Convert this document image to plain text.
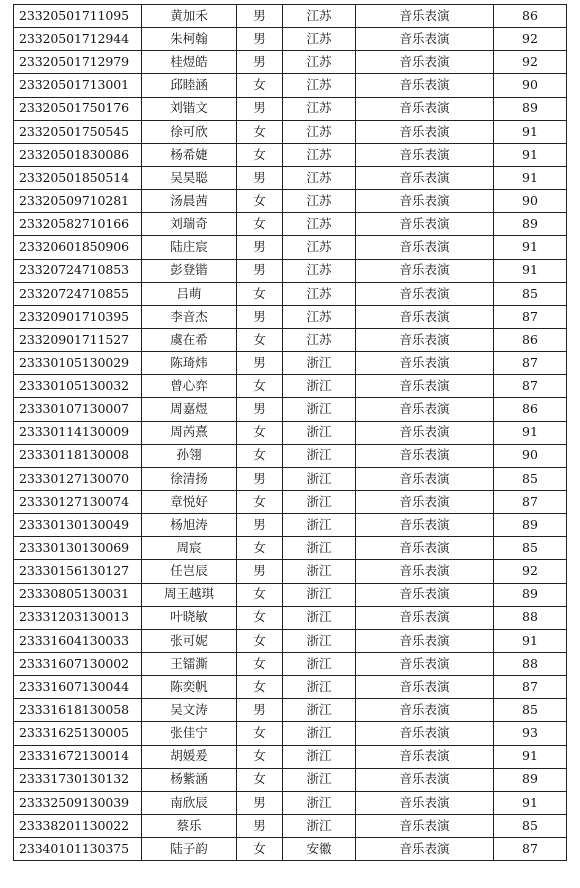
23320501711095	黄加禾	男	江苏	音乐表演	86
23320501712944	朱柯翰	男	江苏	音乐表演	92
23320501712979	桂煜皓	男	江苏	音乐表演	92
23320501713001	邱睦涵	女	江苏	音乐表演	90
23320501750176	刘锴文	男	江苏	音乐表演	89
23320501750545	徐可欣	女	江苏	音乐表演	91
23320501830086	杨希婕	女	江苏	音乐表演	91
23320501850514	吴昊聪	男	江苏	音乐表演	91
23320509710281	汤晨茜	女	江苏	音乐表演	90
23320582710166	刘瑞奇	女	江苏	音乐表演	89
23320601850906	陆庄宸	男	江苏	音乐表演	91
23320724710853	彭登锴	男	江苏	音乐表演	91
23320724710855	吕萌	女	江苏	音乐表演	85
23320901710395	李音杰	男	江苏	音乐表演	87
23320901711527	虞在希	女	江苏	音乐表演	86
23330105130029	陈琦炜	男	浙江	音乐表演	87
23330105130032	曾心弈	女	浙江	音乐表演	87
23330107130007	周嘉煜	男	浙江	音乐表演	86
23330114130009	周芮熹	女	浙江	音乐表演	91
23330118130008	孙翎	女	浙江	音乐表演	90
23330127130070	徐清扬	男	浙江	音乐表演	85
23330127130074	章悦好	女	浙江	音乐表演	87
23330130130049	杨旭涛	男	浙江	音乐表演	89
23330130130069	周宸	女	浙江	音乐表演	85
23330156130127	任岂辰	男	浙江	音乐表演	92
23330805130031	周王越琪	女	浙江	音乐表演	89
23331203130013	叶晓敏	女	浙江	音乐表演	88
23331604130033	张可妮	女	浙江	音乐表演	91
23331607130002	王镭澌	女	浙江	音乐表演	88
23331607130044	陈奕帆	女	浙江	音乐表演	87
23331618130058	吴文涛	男	浙江	音乐表演	85
23331625130005	张佳宁	女	浙江	音乐表演	93
23331672130014	胡媛爰	女	浙江	音乐表演	91
23331730130132	杨紫涵	女	浙江	音乐表演	89
23332509130039	南欣辰	男	浙江	音乐表演	91
23338201130022	蔡乐	男	浙江	音乐表演	85
23340101130375	陆子韵	女	安徽	音乐表演	87
